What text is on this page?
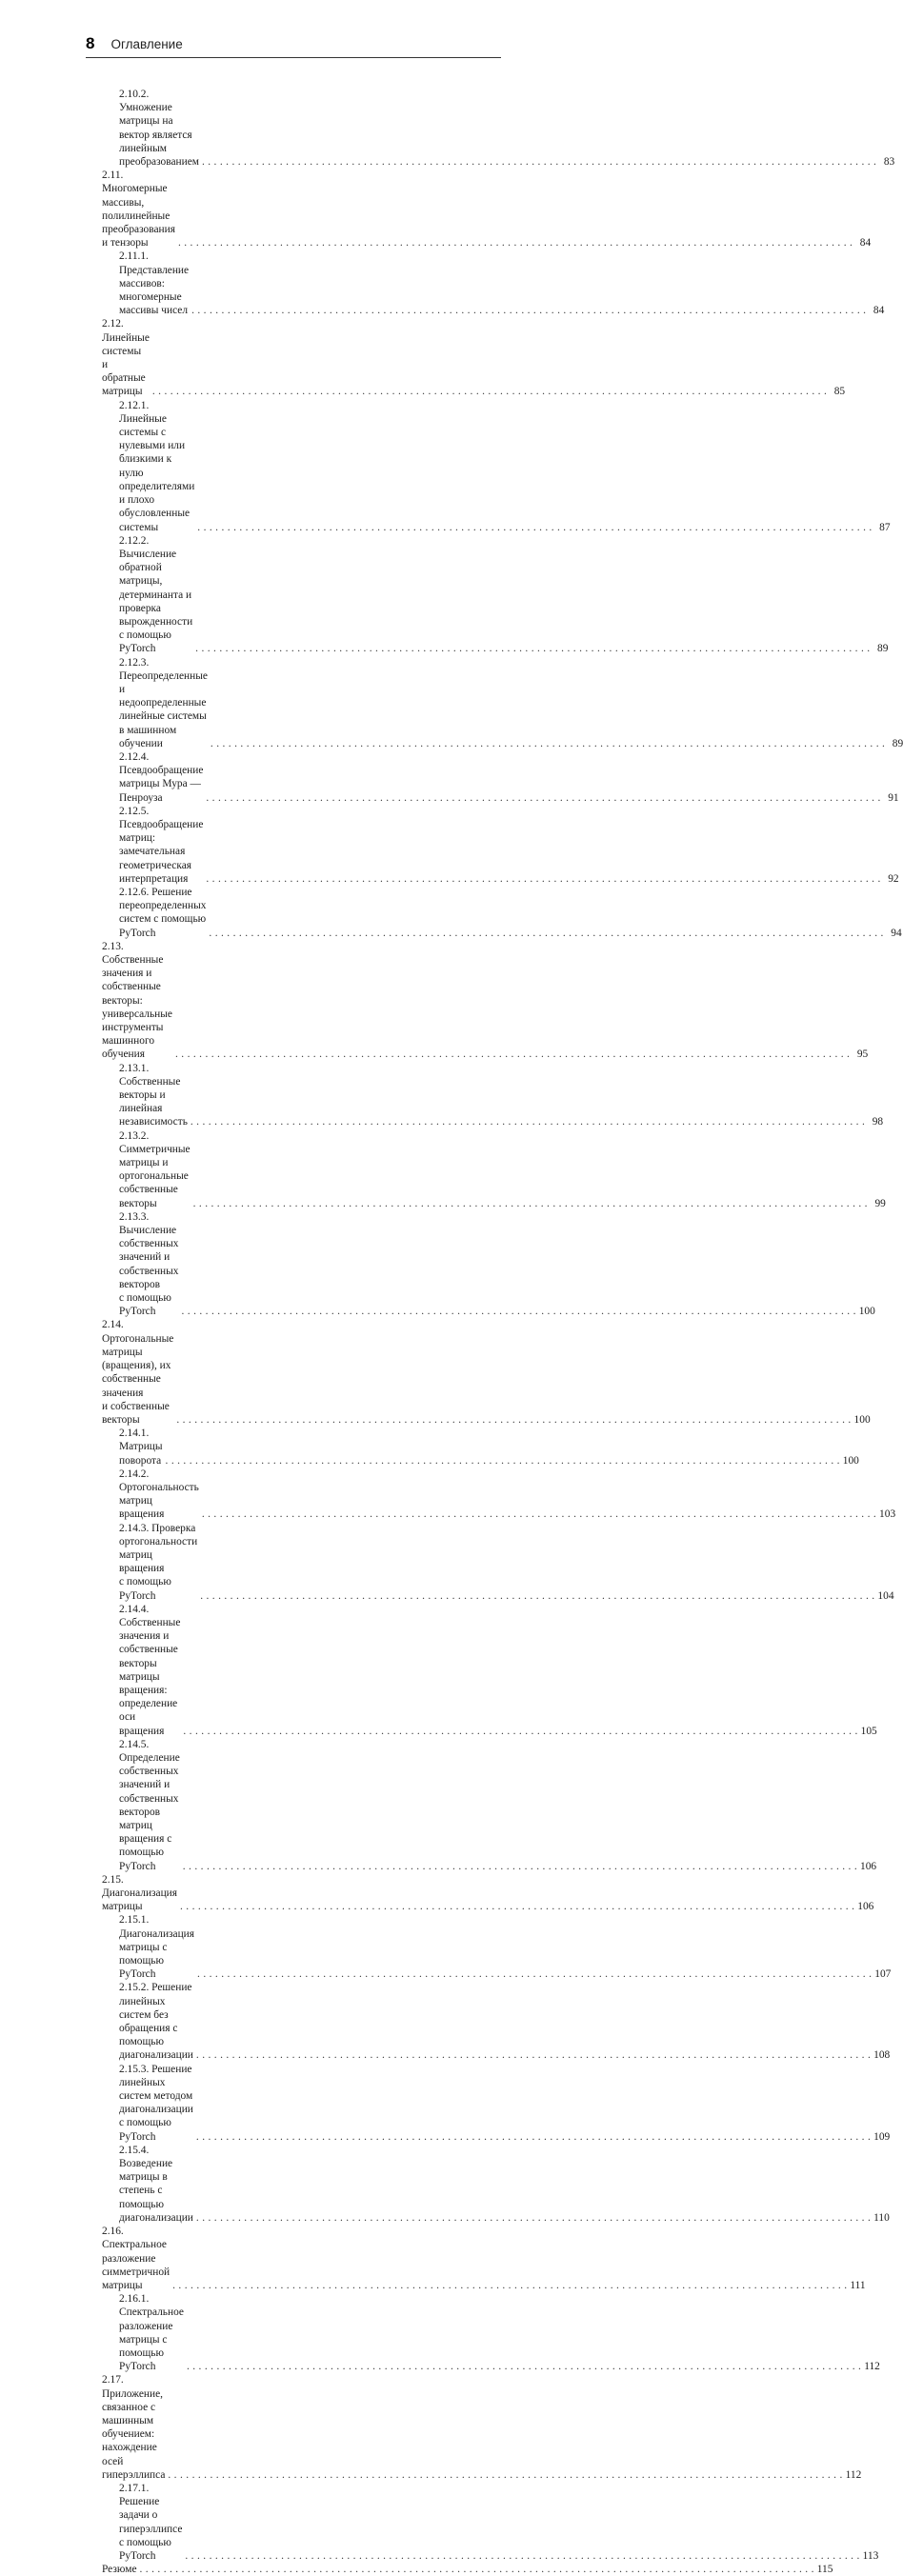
8 Оглавление
2.10.2. Умножение матрицы на вектор является линейным
преобразованием . . .	83
2.11. Многомерные массивы, полилинейные преобразования и тензоры . . .	84
2.11.1. Представление массивов: многомерные массивы чисел . . .	84
2.12. Линейные системы и обратные матрицы . . .	85
2.12.1. Линейные системы с нулевыми или близкими к нулю
определителями и плохо обусловленные системы . . .	87
2.12.2. Вычисление обратной матрицы, детерминанта и проверка
вырожденности с помощью PyTorch . . .	89
2.12.3. Переопределенные и недоопределенные линейные системы
в машинном обучении . . .	89
2.12.4. Псевдообращение матрицы Мура — Пенроуза . . .	91
2.12.5. Псевдообращение матриц: замечательная геометрическая
интерпретация . . .	92
2.12.6. Решение переопределенных систем с помощью PyTorch . . .	94
2.13. Собственные значения и собственные векторы: универсальные
инструменты машинного обучения . . .	95
2.13.1. Собственные векторы и линейная независимость . . .	98
2.13.2. Симметричные матрицы и ортогональные собственные векторы . . .	99
2.13.3. Вычисление собственных значений и собственных векторов
с помощью PyTorch . . .	100
2.14. Ортогональные матрицы (вращения), их собственные значения
и собственные векторы . . .	100
2.14.1. Матрицы поворота . . .	100
2.14.2. Ортогональность матриц вращения . . .	103
2.14.3. Проверка ортогональности матриц вращения
с помощью PyTorch . . .	104
2.14.4. Собственные значения и собственные векторы матрицы
вращения: определение оси вращения . . .	105
2.14.5. Определение собственных значений и собственных векторов
матриц вращения с помощью PyTorch . . .	106
2.15. Диагонализация матрицы . . .	106
2.15.1. Диагонализация матрицы с помощью PyTorch . . .	107
2.15.2. Решение линейных систем без обращения с помощью
диагонализации . . .	108
2.15.3. Решение линейных систем методом диагонализации
с помощью PyTorch . . .	109
2.15.4. Возведение матрицы в степень с помощью диагонализации . . .	110
2.16. Спектральное разложение симметричной матрицы . . .	111
2.16.1. Спектральное разложение матрицы с помощью PyTorch . . .	112
2.17. Приложение, связанное с машинным обучением:
нахождение осей гиперэллипса . . .	112
2.17.1. Решение задачи о гиперэллипсе с помощью PyTorch . . .	113
Резюме . . .	115
